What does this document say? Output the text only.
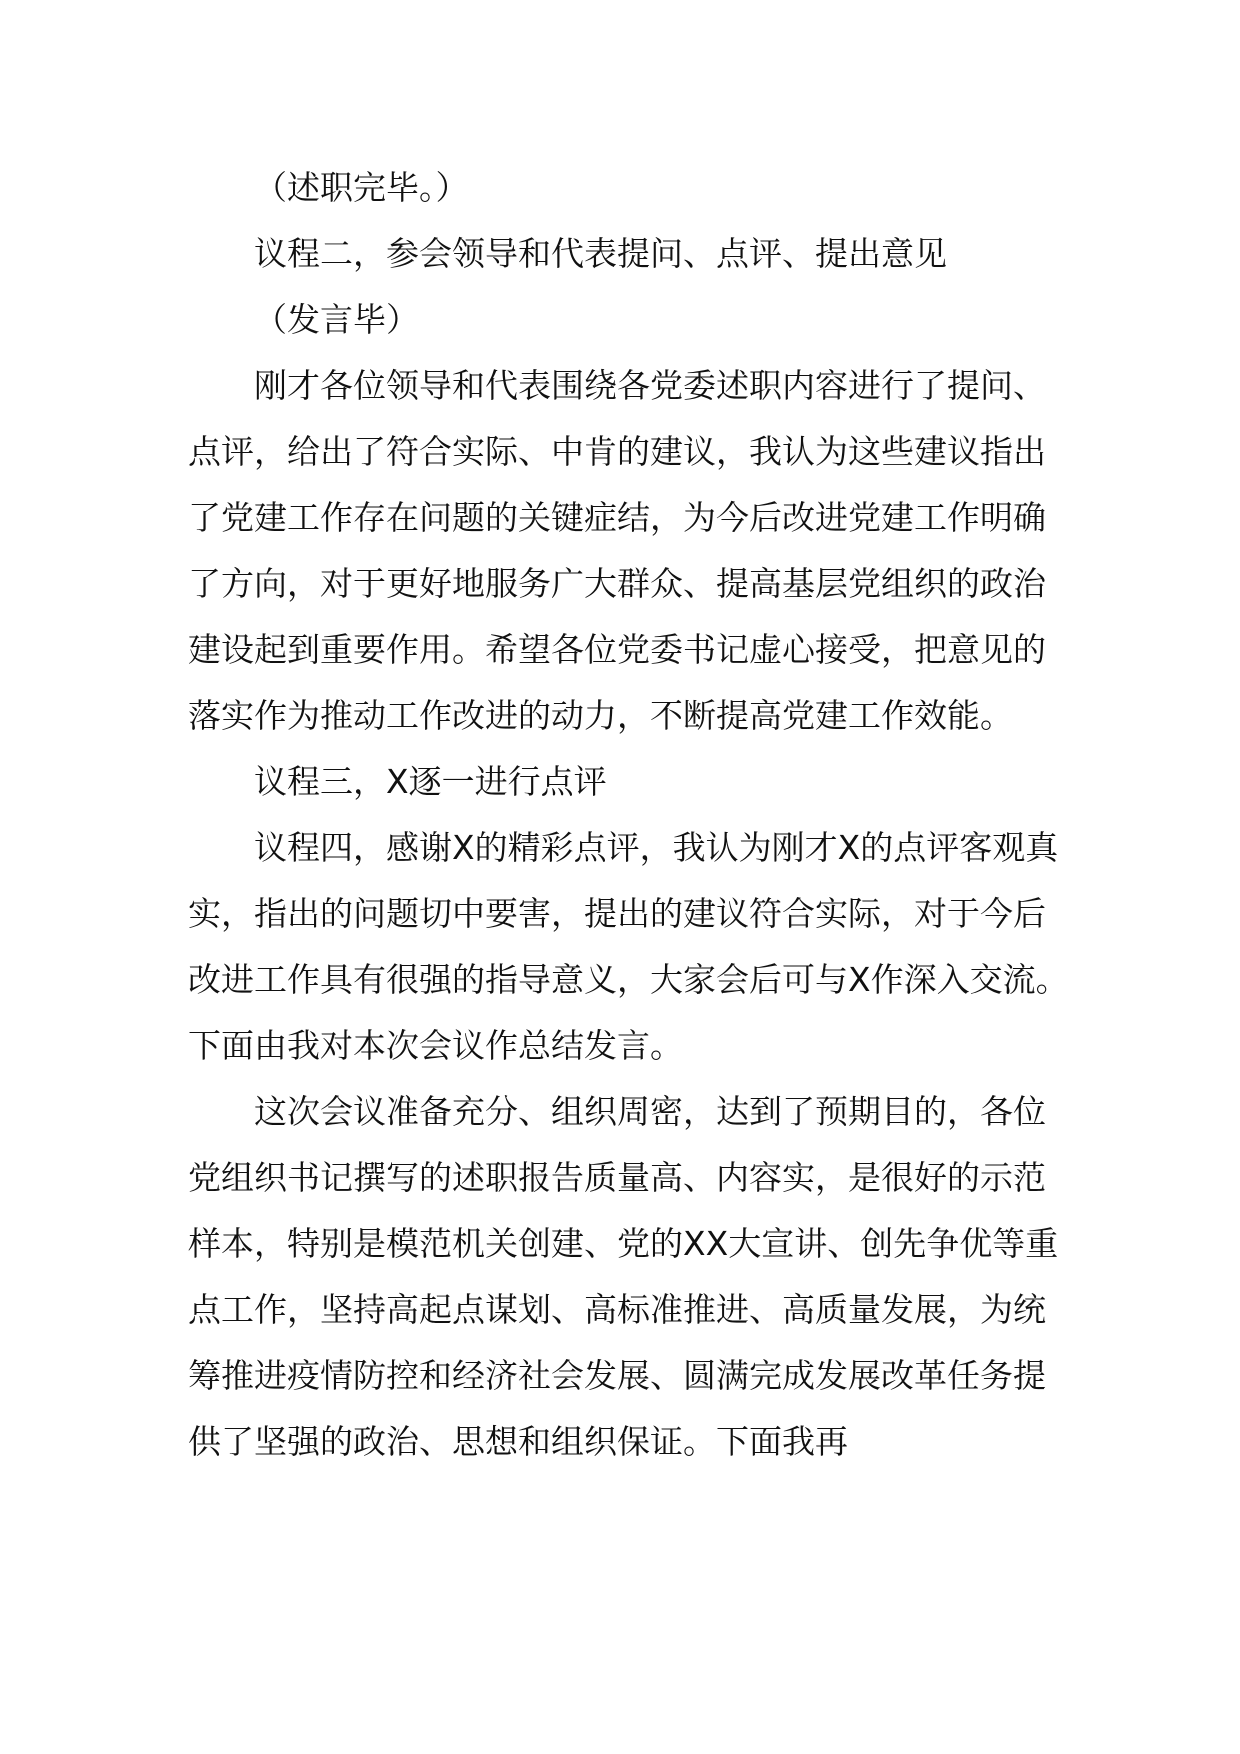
（述职完毕。）

议程二，参会领导和代表提问、点评、提出意见

（发言毕）

刚才各位领导和代表围绕各党委述职内容进行了提问、点评，给出了符合实际、中肯的建议，我认为这些建议指出了党建工作存在问题的关键症结，为今后改进党建工作明确了方向，对于更好地服务广大群众、提高基层党组织的政治建设起到重要作用。希望各位党委书记虚心接受，把意见的落实作为推动工作改进的动力，不断提高党建工作效能。

议程三，X逐一进行点评

议程四，感谢X的精彩点评，我认为刚才X的点评客观真实，指出的问题切中要害，提出的建议符合实际，对于今后改进工作具有很强的指导意义，大家会后可与X作深入交流。下面由我对本次会议作总结发言。

这次会议准备充分、组织周密，达到了预期目的，各位党组织书记撰写的述职报告质量高、内容实，是很好的示范样本，特别是模范机关创建、党的XX大宣讲、创先争优等重点工作，坚持高起点谋划、高标准推进、高质量发展，为统筹推进疫情防控和经济社会发展、圆满完成发展改革任务提供了坚强的政治、思想和组织保证。下面我再
